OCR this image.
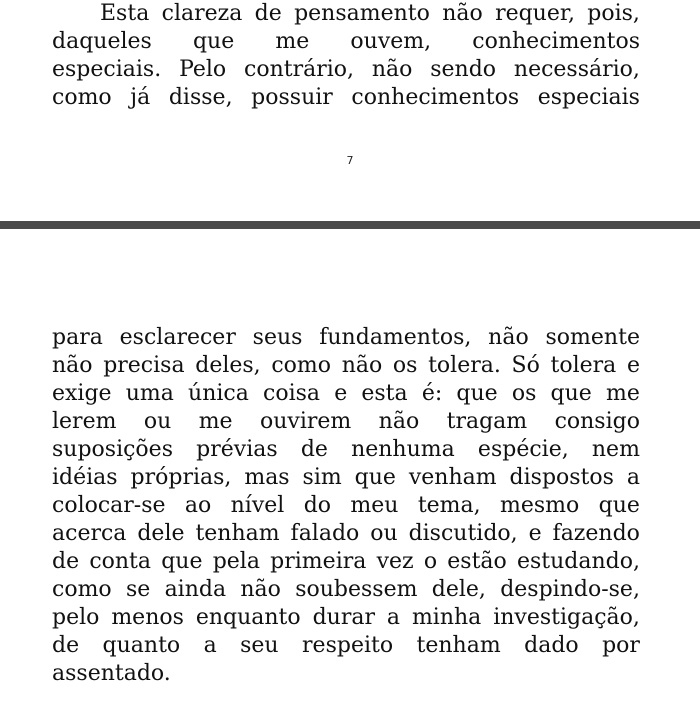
Esta clareza de pensamento não requer, pois,
daqueles que me ouvem, conhecimentos
especiais. Pelo contrário, não sendo necessário,
como já disse, possuir conhecimentos especiais

7

para esclarecer seus fundamentos, não somente
não precisa deles, como não os tolera. Só tolera e
exige uma única coisa e esta é: que os que me
lerem ou me ouvirem não tragam consigo
suposições prévias de nenhuma espécie, nem
idéias próprias, mas sim que venham dispostos a
colocar-se ao nível do meu tema, mesmo que
acerca dele tenham falado ou discutido, e fazendo
de conta que pela primeira vez o estão estudando,
como se ainda não soubessem dele, despindo-se,
pelo menos enquanto durar a minha investigação,
de quanto a seu respeito tenham dado por
assentado.
